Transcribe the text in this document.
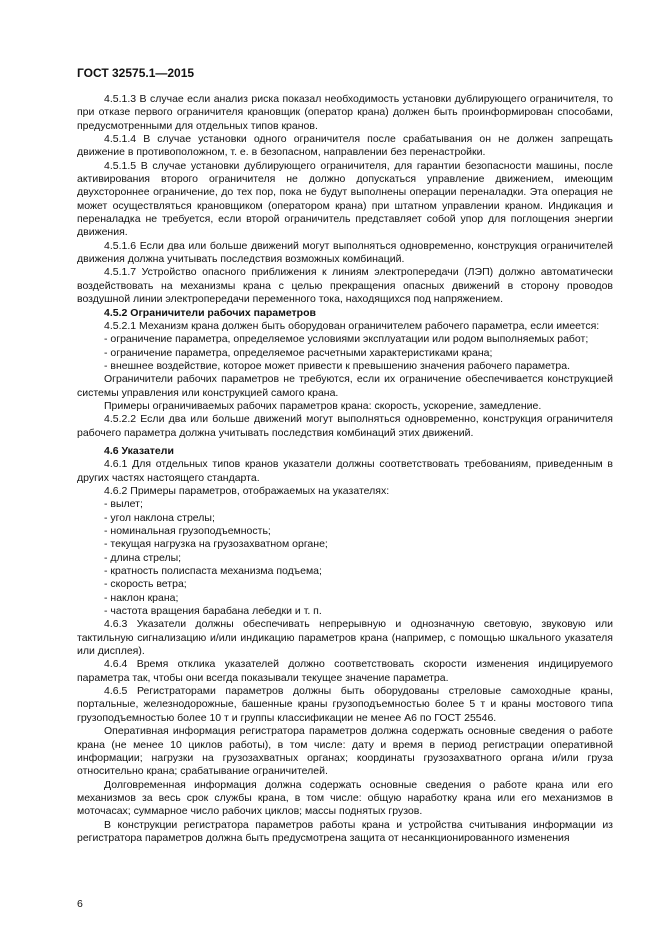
ГОСТ 32575.1—2015

4.5.1.3 В случае если анализ риска показал необходимость установки дублирующего ограничителя, то при отказе первого ограничителя крановщик (оператор крана) должен быть проинформирован способами, предусмотренными для отдельных типов кранов.

4.5.1.4 В случае установки одного ограничителя после срабатывания он не должен запрещать движение в противоположном, т. е. в безопасном, направлении без перенастройки.

4.5.1.5 В случае установки дублирующего ограничителя, для гарантии безопасности машины, после активирования второго ограничителя не должно допускаться управление движением, имеющим двухстороннее ограничение, до тех пор, пока не будут выполнены операции переналадки. Эта операция не может осуществляться крановщиком (оператором крана) при штатном управлении краном. Индикация и переналадка не требуется, если второй ограничитель представляет собой упор для поглощения энергии движения.

4.5.1.6 Если два или больше движений могут выполняться одновременно, конструкция ограничителей движения должна учитывать последствия возможных комбинаций.

4.5.1.7 Устройство опасного приближения к линиям электропередачи (ЛЭП) должно автоматически воздействовать на механизмы крана с целью прекращения опасных движений в сторону проводов воздушной линии электропередачи переменного тока, находящихся под напряжением.

4.5.2 Ограничители рабочих параметров

4.5.2.1 Механизм крана должен быть оборудован ограничителем рабочего параметра, если имеется:

- ограничение параметра, определяемое условиями эксплуатации или родом выполняемых работ;

- ограничение параметра, определяемое расчетными характеристиками крана;

- внешнее воздействие, которое может привести к превышению значения рабочего параметра.

Ограничители рабочих параметров не требуются, если их ограничение обеспечивается конструкцией системы управления или конструкцией самого крана.

Примеры ограничиваемых рабочих параметров крана: скорость, ускорение, замедление.

4.5.2.2 Если два или больше движений могут выполняться одновременно, конструкция ограничителя рабочего параметра должна учитывать последствия комбинаций этих движений.

4.6 Указатели

4.6.1 Для отдельных типов кранов указатели должны соответствовать требованиям, приведенным в других частях настоящего стандарта.

4.6.2 Примеры параметров, отображаемых на указателях:

- вылет;

- угол наклона стрелы;

- номинальная грузоподъемность;

- текущая нагрузка на грузозахватном органе;

- длина стрелы;

- кратность полиспаста механизма подъема;

- скорость ветра;

- наклон крана;

- частота вращения барабана лебедки и т. п.

4.6.3 Указатели должны обеспечивать непрерывную и однозначную световую, звуковую или тактильную сигнализацию и/или индикацию параметров крана (например, с помощью шкального указателя или дисплея).

4.6.4 Время отклика указателей должно соответствовать скорости изменения индицируемого параметра так, чтобы они всегда показывали текущее значение параметра.

4.6.5 Регистраторами параметров должны быть оборудованы стреловые самоходные краны, портальные, железнодорожные, башенные краны грузоподъемностью более 5 т и краны мостового типа грузоподъемностью более 10 т и группы классификации не менее А6 по ГОСТ 25546.

Оперативная информация регистратора параметров должна содержать основные сведения о работе крана (не менее 10 циклов работы), в том числе: дату и время в период регистрации оперативной информации; нагрузки на грузозахватных органах; координаты грузозахватного органа и/или груза относительно крана; срабатывание ограничителей.

Долговременная информация должна содержать основные сведения о работе крана или его механизмов за весь срок службы крана, в том числе: общую наработку крана или его механизмов в моточасах; суммарное число рабочих циклов; массы поднятых грузов.

В конструкции регистратора параметров работы крана и устройства считывания информации из регистратора параметров должна быть предусмотрена защита от несанкционированного изменения

6
